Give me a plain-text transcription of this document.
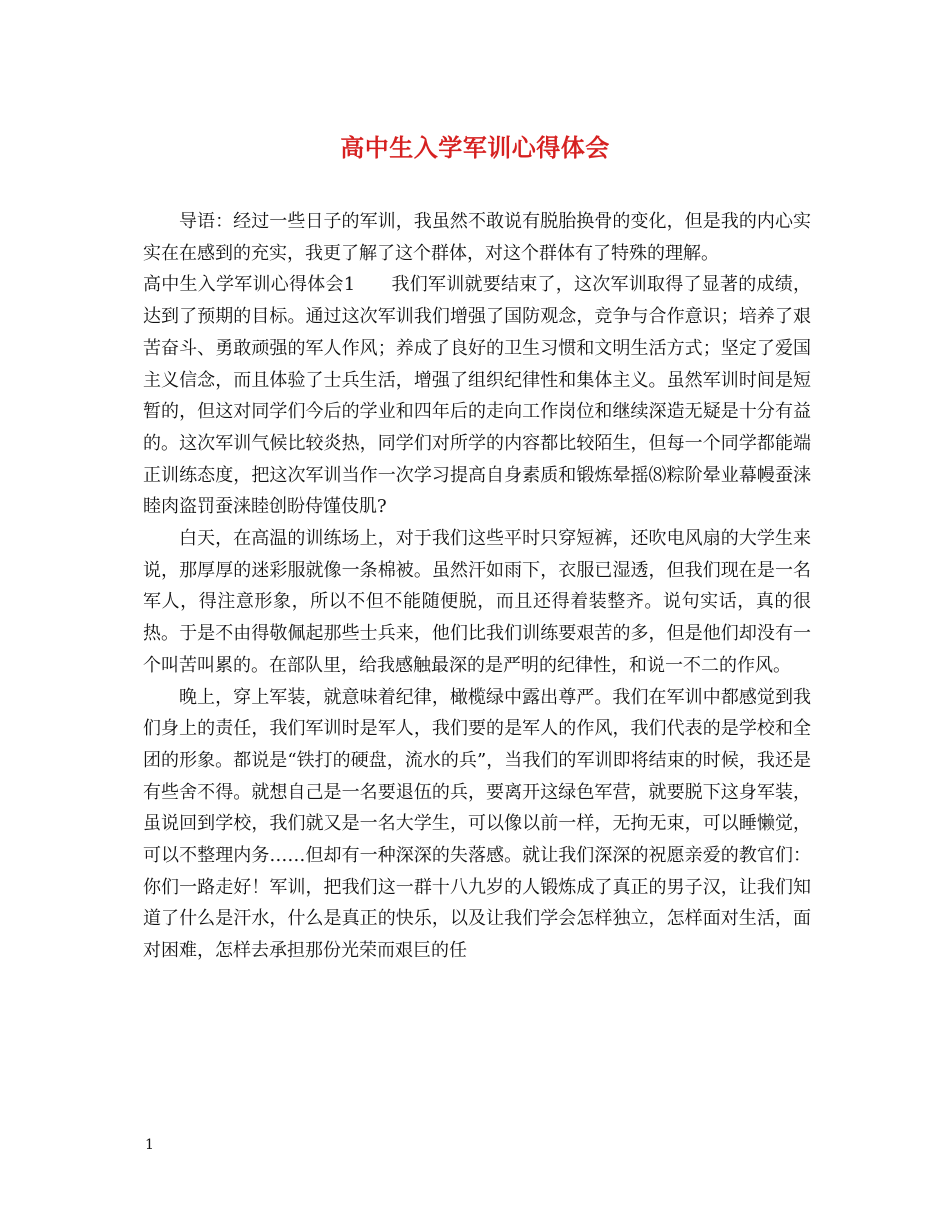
高中生入学军训心得体会

导语：经过一些日子的军训，我虽然不敢说有脱胎换骨的变化，但是我的内心实实在在感到的充实，我更了解了这个群体，对这个群体有了特殊的理解。

高中生入学军训心得体会1 我们军训就要结束了，这次军训取得了显著的成绩，达到了预期的目标。通过这次军训我们增强了国防观念，竞争与合作意识；培养了艰苦奋斗、勇敢顽强的军人作风；养成了良好的卫生习惯和文明生活方式；坚定了爱国主义信念，而且体验了士兵生活，增强了组织纪律性和集体主义。虽然军训时间是短暂的，但这对同学们今后的学业和四年后的走向工作岗位和继续深造无疑是十分有益的。这次军训气候比较炎热，同学们对所学的内容都比较陌生，但每一个同学都能端正训练态度，把这次军训当作一次学习提高自身素质和锻炼晕摇⑻粽阶晕业幕幔蚕涞睦肉盗罚蚕涞睦创盼侍馑伎肌?

白天，在高温的训练场上，对于我们这些平时只穿短裤，还吹电风扇的大学生来说，那厚厚的迷彩服就像一条棉被。虽然汗如雨下，衣服已湿透，但我们现在是一名军人，得注意形象，所以不但不能随便脱，而且还得着装整齐。说句实话，真的很热。于是不由得敬佩起那些士兵来，他们比我们训练要艰苦的多，但是他们却没有一个叫苦叫累的。在部队里，给我感触最深的是严明的纪律性，和说一不二的作风。

晚上，穿上军装，就意味着纪律，橄榄绿中露出尊严。我们在军训中都感觉到我们身上的责任，我们军训时是军人，我们要的是军人的作风，我们代表的是学校和全团的形象。都说是“铁打的硬盘，流水的兵”，当我们的军训即将结束的时候，我还是有些舍不得。就想自己是一名要退伍的兵，要离开这绿色军营，就要脱下这身军装，虽说回到学校，我们就又是一名大学生，可以像以前一样，无拘无束，可以睡懒觉，可以不整理内务……但却有一种深深的失落感。就让我们深深的祝愿亲爱的教官们：你们一路走好！军训，把我们这一群十八九岁的人锻炼成了真正的男子汉，让我们知道了什么是汗水，什么是真正的快乐，以及让我们学会怎样独立，怎样面对生活，面对困难，怎样去承担那份光荣而艰巨的任

1
